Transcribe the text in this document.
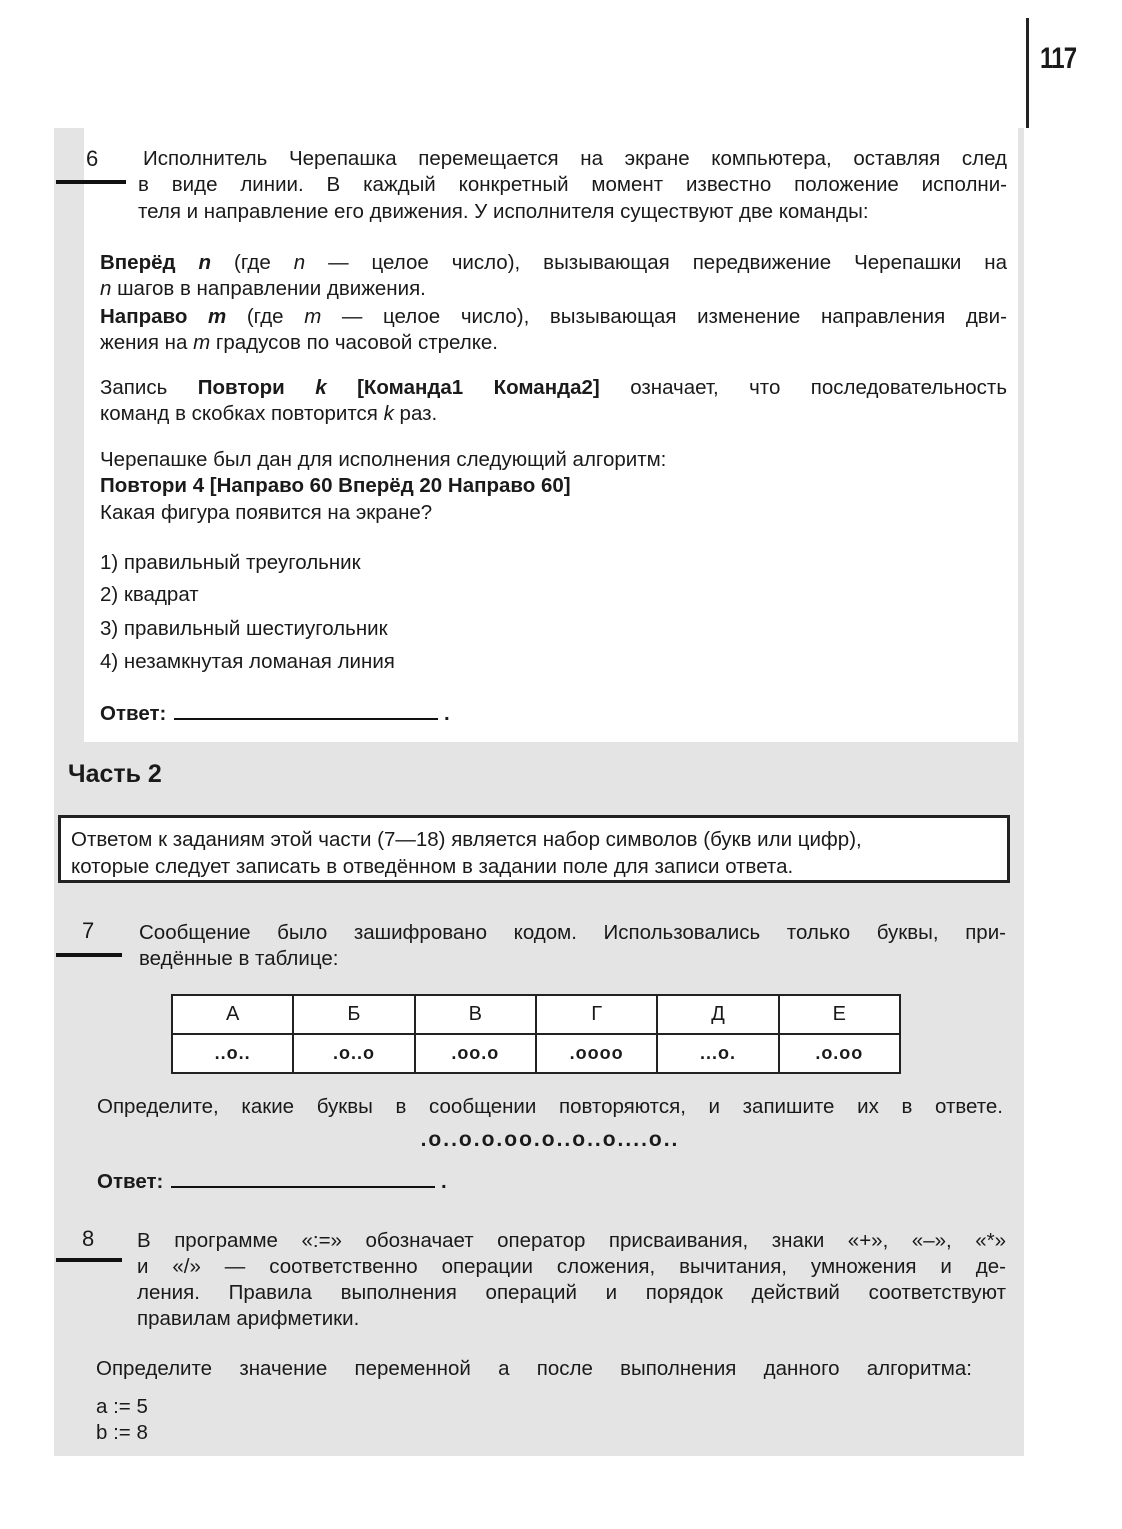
117
6 Исполнитель Черепашка перемещается на экране компьютера, оставляя след
в виде линии. В каждый конкретный момент известно положение исполни-
теля и направление его движения. У исполнителя существуют две команды:
Вперёд n (где n — целое число), вызывающая передвижение Черепашки на
n шагов в направлении движения.
Направо m (где m — целое число), вызывающая изменение направления дви-
жения на m градусов по часовой стрелке.
Запись Повтори k [Команда1 Команда2] означает, что последовательность
команд в скобках повторится k раз.
Черепашке был дан для исполнения следующий алгоритм:
Повтори 4 [Направо 60 Вперёд 20 Направо 60]
Какая фигура появится на экране?
1) правильный треугольник
2) квадрат
3) правильный шестиугольник
4) незамкнутая ломаная линия
Ответ:	.
Часть 2
Ответом к заданиям этой части (7—18) является набор символов (букв или цифр),
которые следует записать в отведённом в задании поле для записи ответа.
7 Сообщение было зашифровано кодом. Использовались только буквы, при-
ведённые в таблице:
А	Б	В	Г	Д	Е
..o..	.o..o	.oo.o	.oooo	...o.	.o.oo
Определите, какие буквы в сообщении повторяются, и запишите их в ответе.
.o..o.o.oo.o..o..o....o..
Ответ:	.
8 В программе «:=» обозначает оператор присваивания, знаки «+», «–», «*»
и «/» — соответственно операции сложения, вычитания, умножения и де-
ления. Правила выполнения операций и порядок действий соответствуют
правилам арифметики.
Определите значение переменной a после выполнения данного алгоритма:
a := 5
b := 8
